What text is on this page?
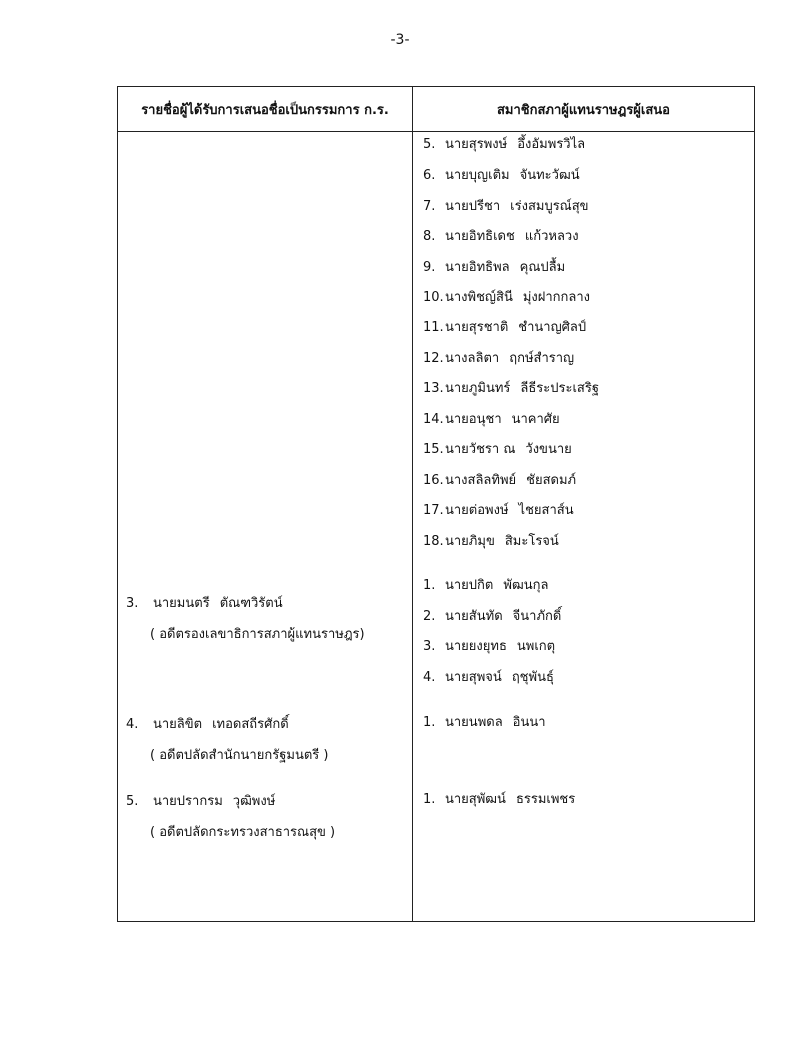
-3-
รายชื่อผู้ได้รับการเสนอชื่อเป็นกรรมการ ก.ร.	สมาชิกสภาผู้แทนราษฎรผู้เสนอ
5. นายสุรพงษ์ อึ้งอัมพรวิไล
6. นายบุญเติม จันทะวัฒน์
7. นายปรีชา เร่งสมบูรณ์สุข
8. นายอิทธิเดช แก้วหลวง
9. นายอิทธิพล คุณปลื้ม
10.นางพิชญ์สินี มุ่งฝากกลาง
11.นายสุรชาติ ชำนาญศิลป์
12.นางลลิตา ฤกษ์สำราญ
13.นายภูมินทร์ ลีธีระประเสริฐ
14.นายอนุชา นาคาศัย
15.นายวัชรา ณ วังขนาย
16.นางสลิลทิพย์ ชัยสดมภ์
17.นายต่อพงษ์ ไชยสาส์น
18.นายภิมุข สิมะโรจน์
1. นายปกิต พัฒนกุล
2. นายสันทัด จีนาภักดิ์
3. นายยงยุทธ นพเกตุ
4. นายสุพจน์ ฤชุพันธุ์
1. นายนพดล อินนา
1. นายสุพัฒน์ ธรรมเพชร
3. นายมนตรี ตัณฑวิรัตน์
( อดีตรองเลขาธิการสภาผู้แทนราษฎร)
4. นายลิขิต เทอดสถีรศักดิ์
( อดีตปลัดสำนักนายกรัฐมนตรี )
5. นายปรากรม วุฒิพงษ์
( อดีตปลัดกระทรวงสาธารณสุข )
